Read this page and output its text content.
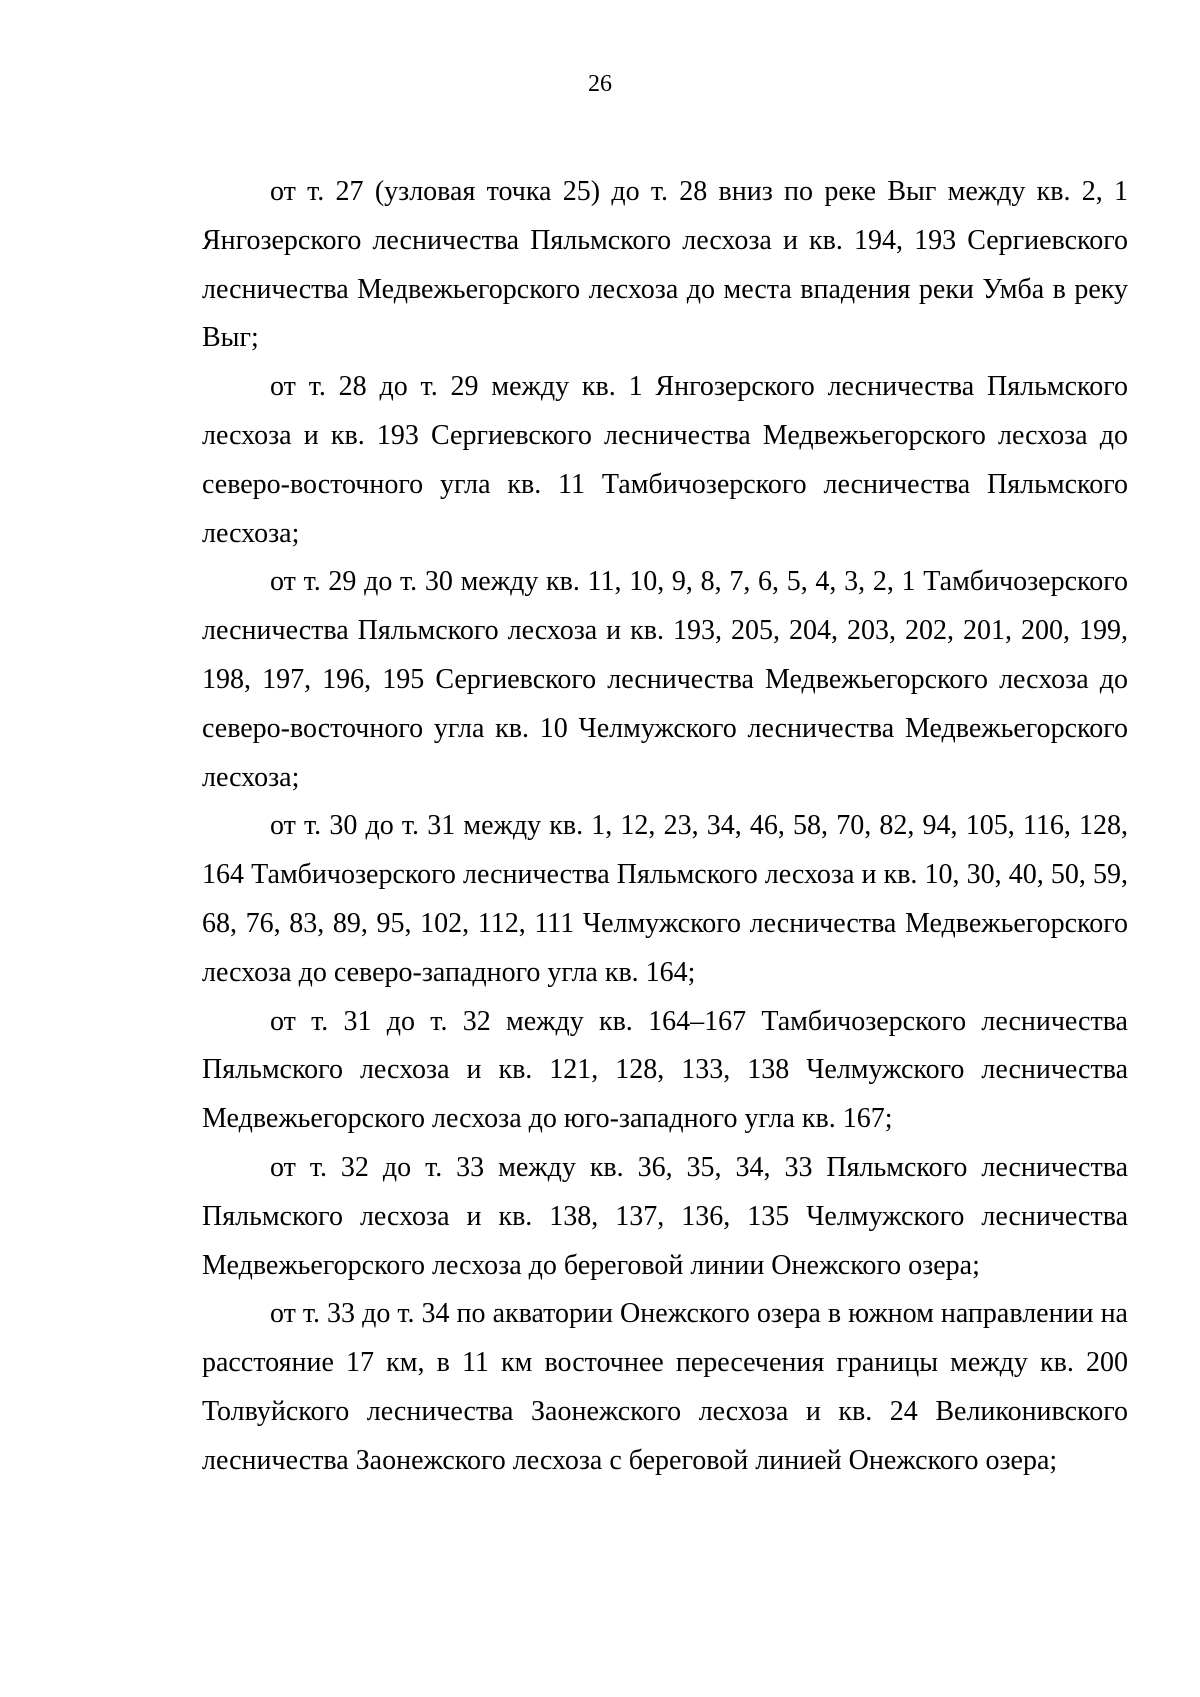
26

от т. 27 (узловая точка 25) до т. 28 вниз по реке Выг между кв. 2, 1 Янгозерского лесничества Пяльмского лесхоза и кв. 194, 193 Сергиевского лесничества Медвежьегорского лесхоза до места впадения реки Умба в реку Выг;

от т. 28 до т. 29 между кв. 1 Янгозерского лесничества Пяльмского лесхоза и кв. 193 Сергиевского лесничества Медвежьегорского лесхоза до северо-восточного угла кв. 11 Тамбичозерского лесничества Пяльмского лесхоза;

от т. 29 до т. 30 между кв. 11, 10, 9, 8, 7, 6, 5, 4, 3, 2, 1 Тамбичозерского лесничества Пяльмского лесхоза и кв. 193, 205, 204, 203, 202, 201, 200, 199, 198, 197, 196, 195 Сергиевского лесничества Медвежьегорского лесхоза до северо-восточного угла кв. 10 Челмужского лесничества Медвежьегорского лесхоза;

от т. 30 до т. 31 между кв. 1, 12, 23, 34, 46, 58, 70, 82, 94, 105, 116, 128, 164 Тамбичозерского лесничества Пяльмского лесхоза и кв. 10, 30, 40, 50, 59, 68, 76, 83, 89, 95, 102, 112, 111 Челмужского лесничества Медвежьегорского лесхоза до северо-западного угла кв. 164;

от т. 31 до т. 32 между кв. 164–167 Тамбичозерского лесничества Пяльмского лесхоза и кв. 121, 128, 133, 138 Челмужского лесничества Медвежьегорского лесхоза до юго-западного угла кв. 167;

от т. 32 до т. 33 между кв. 36, 35, 34, 33 Пяльмского лесничества Пяльмского лесхоза и кв. 138, 137, 136, 135 Челмужского лесничества Медвежьегорского лесхоза до береговой линии Онежского озера;

от т. 33 до т. 34 по акватории Онежского озера в южном направлении на расстояние 17 км, в 11 км восточнее пересечения границы между кв. 200 Толвуйского лесничества Заонежского лесхоза и кв. 24 Великонивского лесничества Заонежского лесхоза с береговой линией Онежского озера;
